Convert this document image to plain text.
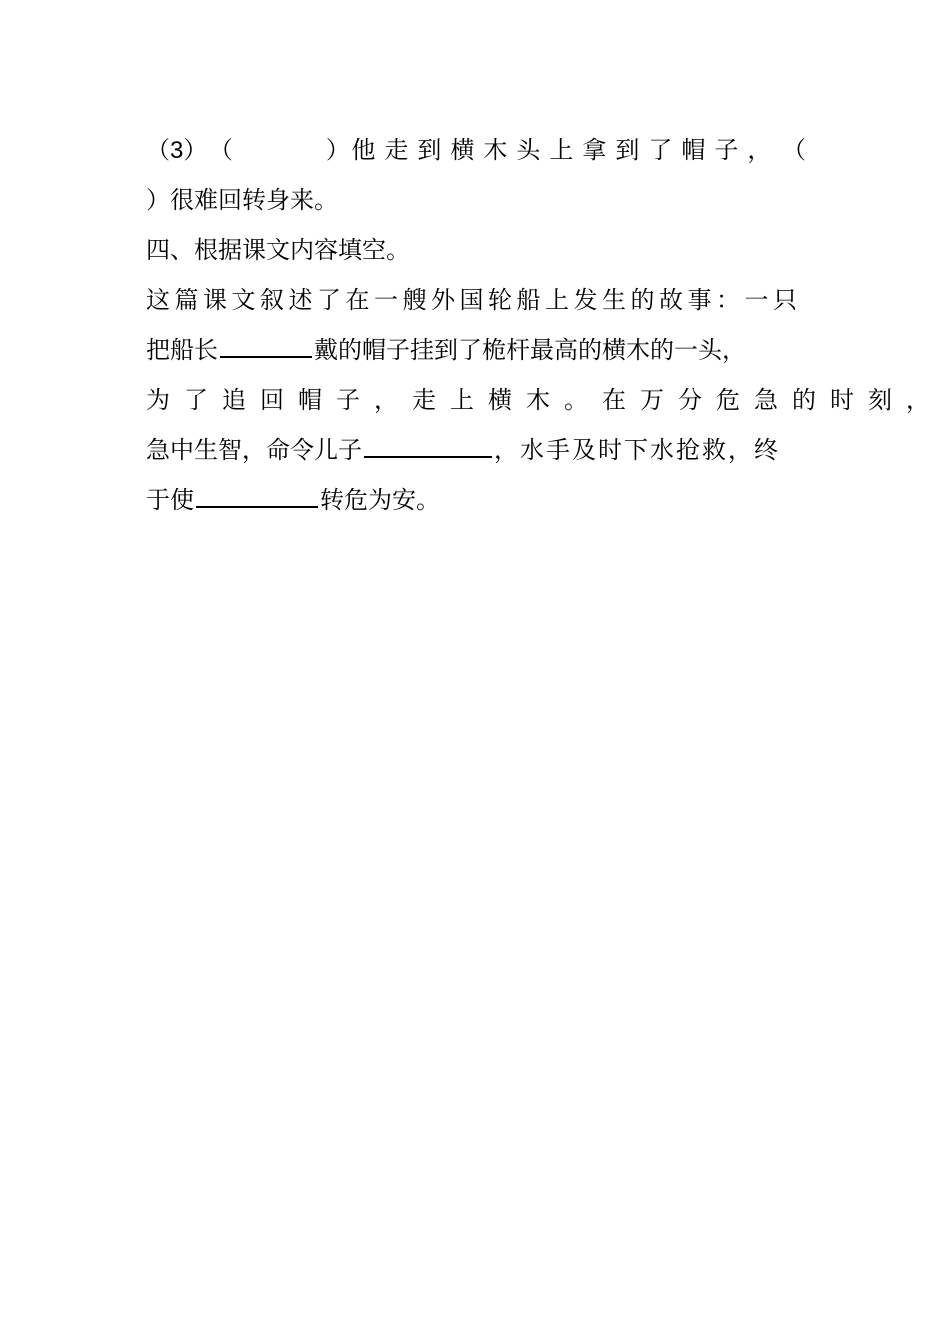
（3） （	） 他走到横木头上拿到了帽子， （
）很难回转身来。
四、根据课文内容填空。
这篇课文叙述了在一艘外国轮船上发生的故事：一只
把船长	戴的帽子挂到了桅杆最高的横木的一头，
为了追回帽子，走上横木。在万分危急的时刻，
急中生智，命令儿子	，水手及时下水抢救，终
于使	转危为安。
